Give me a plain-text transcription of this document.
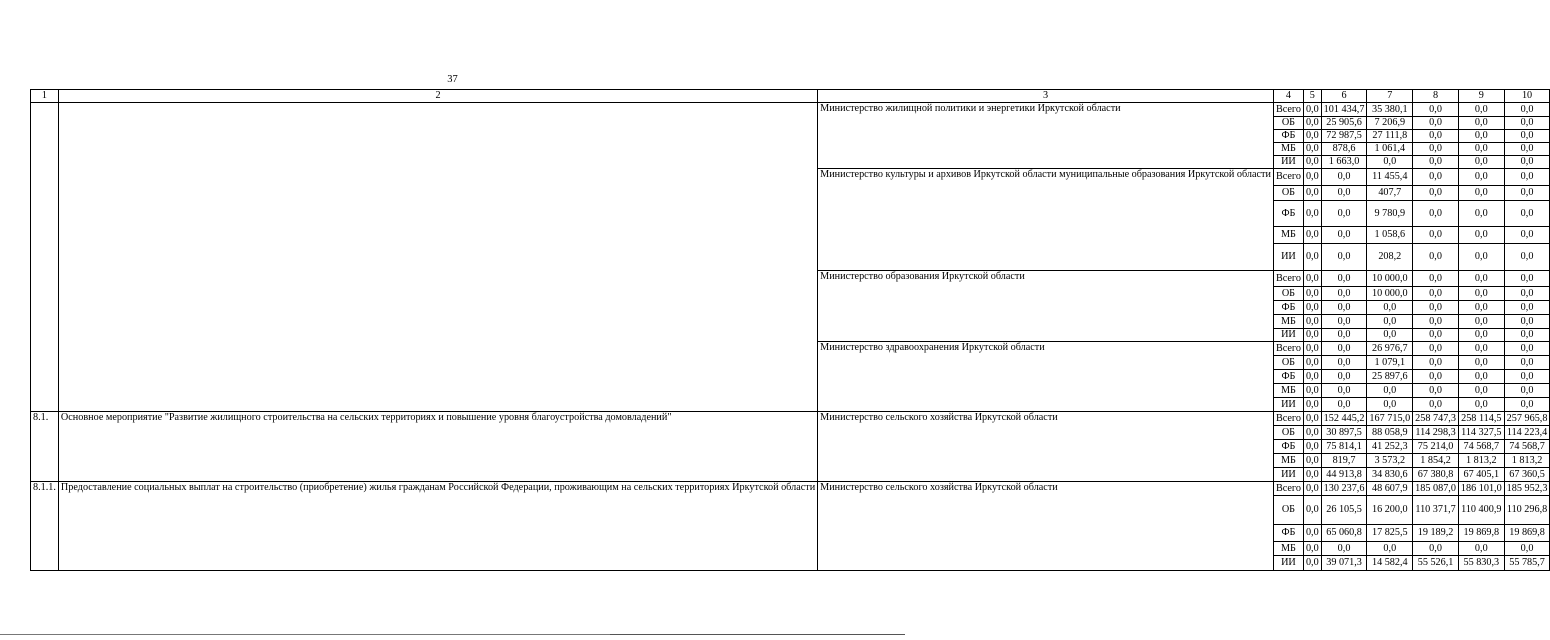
37
1	2	3	4	5	6	7	8	9	10
		Министерство жилищной политики и энергетики Иркутской области	Всего	0,0	101 434,7	35 380,1	0,0	0,0	0,0
			ОБ	0,0	25 905,6	7 206,9	0,0	0,0	0,0
			ФБ	0,0	72 987,5	27 111,8	0,0	0,0	0,0
			МБ	0,0	878,6	1 061,4	0,0	0,0	0,0
			ИИ	0,0	1 663,0	0,0	0,0	0,0	0,0
		Министерство культуры и архивов Иркутской области муниципальные образования Иркутской области	Всего	0,0	0,0	11 455,4	0,0	0,0	0,0
			ОБ	0,0	0,0	407,7	0,0	0,0	0,0
			ФБ	0,0	0,0	9 780,9	0,0	0,0	0,0
			МБ	0,0	0,0	1 058,6	0,0	0,0	0,0
			ИИ	0,0	0,0	208,2	0,0	0,0	0,0
		Министерство образования Иркутской области	Всего	0,0	0,0	10 000,0	0,0	0,0	0,0
			ОБ	0,0	0,0	10 000,0	0,0	0,0	0,0
			ФБ	0,0	0,0	0,0	0,0	0,0	0,0
			МБ	0,0	0,0	0,0	0,0	0,0	0,0
			ИИ	0,0	0,0	0,0	0,0	0,0	0,0
		Министерство здравоохранения Иркутской области	Всего	0,0	0,0	26 976,7	0,0	0,0	0,0
			ОБ	0,0	0,0	1 079,1	0,0	0,0	0,0
			ФБ	0,0	0,0	25 897,6	0,0	0,0	0,0
			МБ	0,0	0,0	0,0	0,0	0,0	0,0
			ИИ	0,0	0,0	0,0	0,0	0,0	0,0
8.1.	Основное мероприятие "Развитие жилищного строительства на сельских территориях и повышение уровня благоустройства домовладений"	Министерство сельского хозяйства Иркутской области	Всего	0,0	152 445,2	167 715,0	258 747,3	258 114,5	257 965,8
			ОБ	0,0	30 897,5	88 058,9	114 298,3	114 327,5	114 223,4
			ФБ	0,0	75 814,1	41 252,3	75 214,0	74 568,7	74 568,7
			МБ	0,0	819,7	3 573,2	1 854,2	1 813,2	1 813,2
			ИИ	0,0	44 913,8	34 830,6	67 380,8	67 405,1	67 360,5
8.1.1.	Предоставление социальных выплат на строительство (приобретение) жилья гражданам Российской Федерации, проживающим на сельских территориях Иркутской области	Министерство сельского хозяйства Иркутской области	Всего	0,0	130 237,6	48 607,9	185 087,0	186 101,0	185 952,3
			ОБ	0,0	26 105,5	16 200,0	110 371,7	110 400,9	110 296,8
			ФБ	0,0	65 060,8	17 825,5	19 189,2	19 869,8	19 869,8
			МБ	0,0	0,0	0,0	0,0	0,0	0,0
			ИИ	0,0	39 071,3	14 582,4	55 526,1	55 830,3	55 785,7
